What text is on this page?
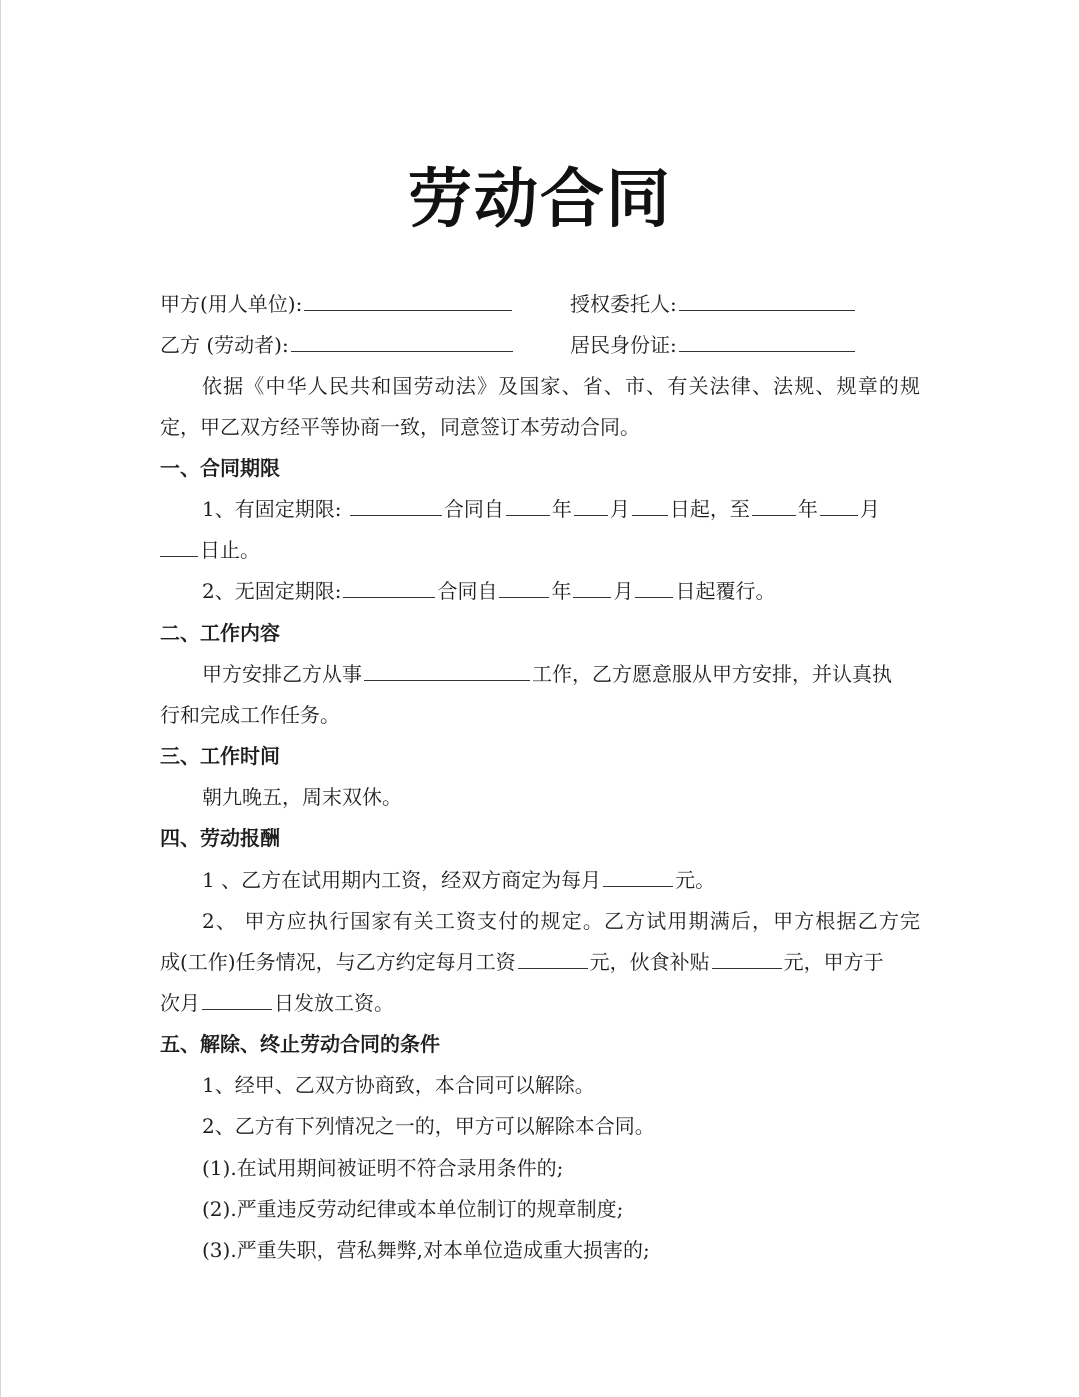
劳动合同
甲方(用人单位):	授权委托人:
乙方 (劳动者):	居民身份证:
依据《中华人民共和国劳动法》及国家、省、市、有关法律、法规、规章的规
定，甲乙双方经平等协商一致，同意签订本劳动合同。
一、合同期限
1、有固定期限:	合同自 年 月 日起，至 年 月
日止。
2、无固定期限:	合同自	年 月 日起覆行。
二、工作内容
甲方安排乙方从事	工作，乙方愿意服从甲方安排，并认真执
行和完成工作任务。
三、工作时间
朝九晚五，周末双休。
四、劳动报酬
1 、乙方在试用期内工资，经双方商定为每月	元。
2、 甲方应执行国家有关工资支付的规定。乙方试用期满后，甲方根据乙方完
成(工作)任务情况，与乙方约定每月工资	元，伙食补贴	元，甲方于
次月	日发放工资。
五、解除、终止劳动合同的条件
1、经甲、乙双方协商致，本合同可以解除。
2、乙方有下列情况之一的，甲方可以解除本合同。
(1).在试用期间被证明不符合录用条件的;
(2).严重违反劳动纪律或本单位制订的规章制度;
(3).严重失职，营私舞弊,对本单位造成重大损害的;
